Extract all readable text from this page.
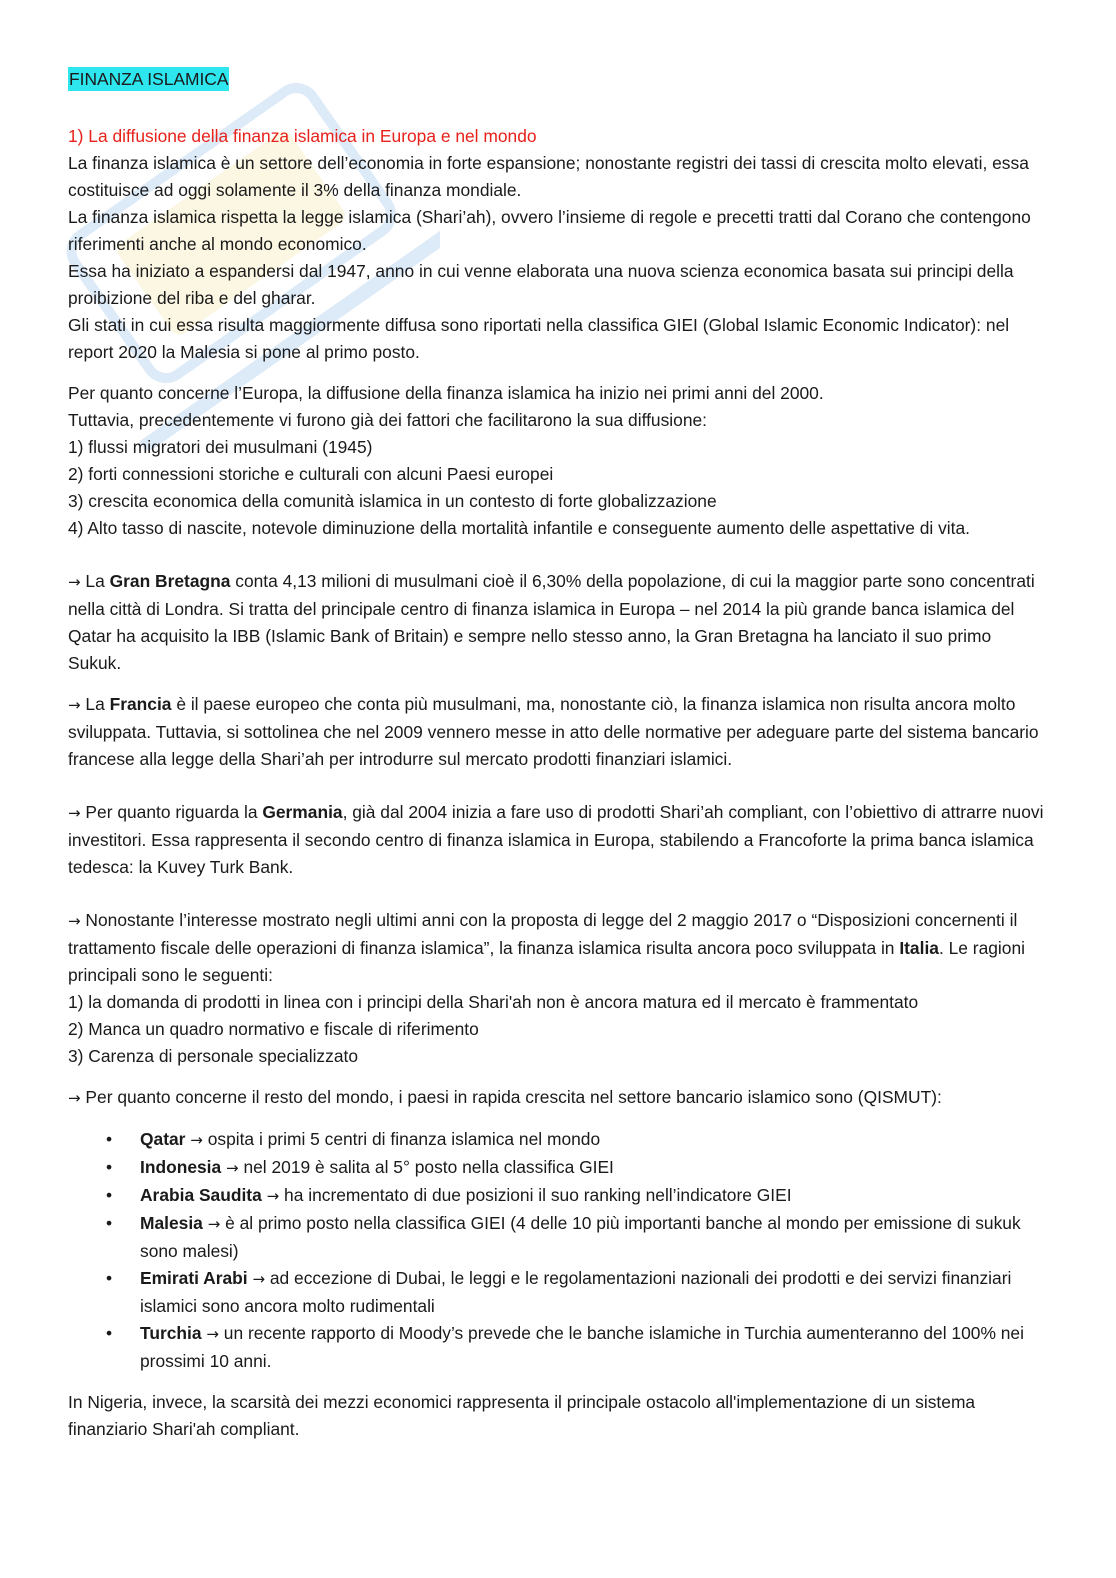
FINANZA ISLAMICA

1) La diffusione della finanza islamica in Europa e nel mondo

La finanza islamica è un settore dell’economia in forte espansione; nonostante registri dei tassi di crescita molto elevati, essa costituisce ad oggi solamente il 3% della finanza mondiale.

La finanza islamica rispetta la legge islamica (Shari’ah), ovvero l’insieme di regole e precetti tratti dal Corano che contengono riferimenti anche al mondo economico.

Essa ha iniziato a espandersi dal 1947, anno in cui venne elaborata una nuova scienza economica basata sui principi della proibizione del riba e del gharar.

Gli stati in cui essa risulta maggiormente diffusa sono riportati nella classifica GIEI (Global Islamic Economic Indicator): nel report 2020 la Malesia si pone al primo posto.

Per quanto concerne l’Europa, la diffusione della finanza islamica ha inizio nei primi anni del 2000.

Tuttavia, precedentemente vi furono già dei fattori che facilitarono la sua diffusione:

1) flussi migratori dei musulmani (1945)

2) forti connessioni storiche e culturali con alcuni Paesi europei

3) crescita economica della comunità islamica in un contesto di forte globalizzazione

4) Alto tasso di nascite, notevole diminuzione della mortalità infantile e conseguente aumento delle aspettative di vita.

→ La Gran Bretagna conta 4,13 milioni di musulmani cioè il 6,30% della popolazione, di cui la maggior parte sono concentrati nella città di Londra. Si tratta del principale centro di finanza islamica in Europa – nel 2014 la più grande banca islamica del Qatar ha acquisito la IBB (Islamic Bank of Britain) e sempre nello stesso anno, la Gran Bretagna ha lanciato il suo primo Sukuk.

→ La Francia è il paese europeo che conta più musulmani, ma, nonostante ciò, la finanza islamica non risulta ancora molto sviluppata. Tuttavia, si sottolinea che nel 2009 vennero messe in atto delle normative per adeguare parte del sistema bancario francese alla legge della Shari’ah per introdurre sul mercato prodotti finanziari islamici.

→ Per quanto riguarda la Germania, già dal 2004 inizia a fare uso di prodotti Shari’ah compliant, con l’obiettivo di attrarre nuovi investitori. Essa rappresenta il secondo centro di finanza islamica in Europa, stabilendo a Francoforte la prima banca islamica tedesca: la Kuvey Turk Bank.

→ Nonostante l’interesse mostrato negli ultimi anni con la proposta di legge del 2 maggio 2017 o “Disposizioni concernenti il trattamento fiscale delle operazioni di finanza islamica”, la finanza islamica risulta ancora poco sviluppata in Italia. Le ragioni principali sono le seguenti:

1) la domanda di prodotti in linea con i principi della Shari'ah non è ancora matura ed il mercato è frammentato

2) Manca un quadro normativo e fiscale di riferimento

3) Carenza di personale specializzato

→ Per quanto concerne il resto del mondo, i paesi in rapida crescita nel settore bancario islamico sono (QISMUT):

• Qatar → ospita i primi 5 centri di finanza islamica nel mondo
• Indonesia → nel 2019 è salita al 5° posto nella classifica GIEI
• Arabia Saudita → ha incrementato di due posizioni il suo ranking nell’indicatore GIEI
• Malesia → è al primo posto nella classifica GIEI (4 delle 10 più importanti banche al mondo per emissione di sukuk sono malesi)
• Emirati Arabi → ad eccezione di Dubai, le leggi e le regolamentazioni nazionali dei prodotti e dei servizi finanziari islamici sono ancora molto rudimentali
• Turchia → un recente rapporto di Moody’s prevede che le banche islamiche in Turchia aumenteranno del 100% nei prossimi 10 anni.

In Nigeria, invece, la scarsità dei mezzi economici rappresenta il principale ostacolo all'implementazione di un sistema finanziario Shari'ah compliant.
